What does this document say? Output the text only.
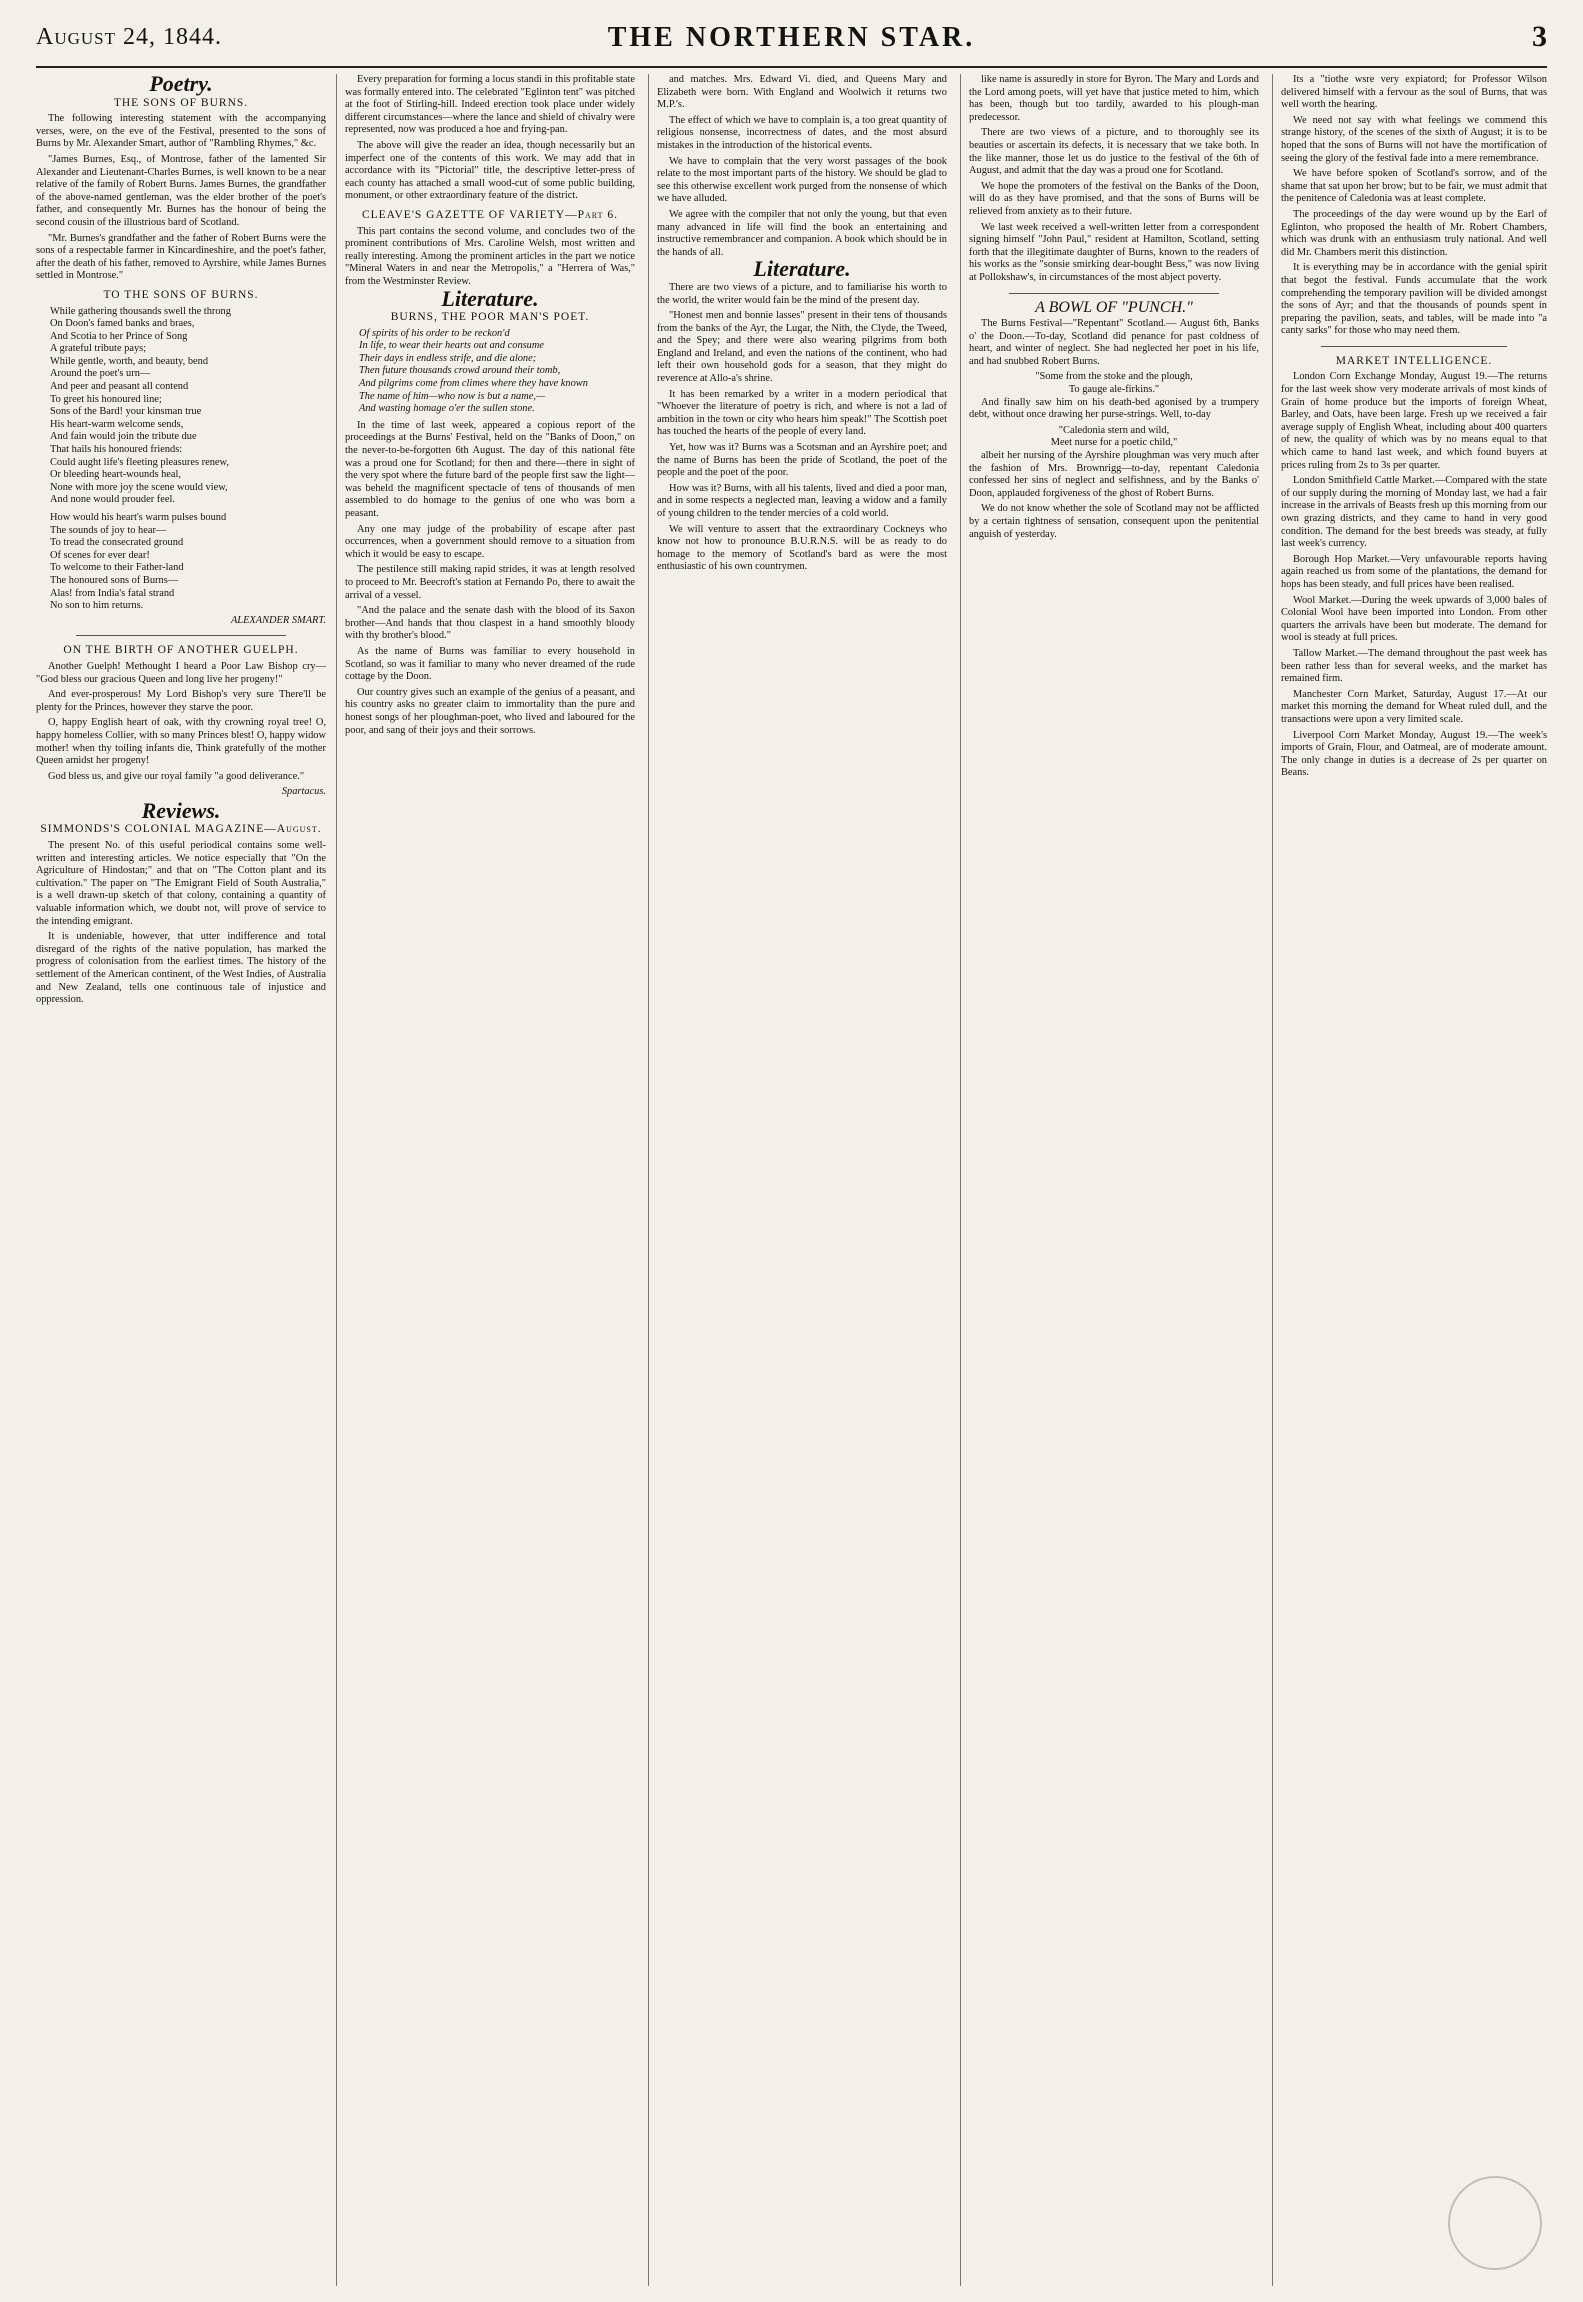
August 24, 1844.	THE NORTHERN STAR.	3
Poetry.
THE SONS OF BURNS.

The following interesting statement with the accompanying verses, were, on the eve of the Festival, presented to the sons of Burns by Mr. Alexander Smart, author of "Rambling Rhymes," &c.

"James Burnes, Esq., of Montrose, father of the lamented Sir Alexander and Lieutenant-Charles Burnes, is well known to be a near relative of the family of Robert Burns. James Burnes, the grandfather of the above-named gentleman, was the elder brother of the poet's father, and consequently Mr. Burnes has the honour of being the second cousin of the illustrious bard of Scotland.

"Mr. Burnes's grandfather and the father of Robert Burns were the sons of a respectable farmer in Kincardineshire, and the poet's father, after the death of his father, removed to Ayrshire, while James Burnes settled in Montrose."

TO THE SONS OF BURNS.

While gathering thousands swell the throng

On Doon's famed banks and braes,

And Scotia to her Prince of Song

A grateful tribute pays;

While gentle, worth, and beauty, bend

Around the poet's urn—

And peer and peasant all contend

To greet his honoured line;

Sons of the Bard! your kinsman true

His heart-warm welcome sends,

And fain would join the tribute due

That hails his honoured friends:

Could aught life's fleeting pleasures renew,

Or bleeding heart-wounds heal,

None with more joy the scene would view,

And none would prouder feel.

How would his heart's warm pulses bound

The sounds of joy to hear—

To tread the consecrated ground

Of scenes for ever dear!

To welcome to their Father-land

The honoured sons of Burns—

Alas! from India's fatal strand

No son to him returns.

ALEXANDER SMART.
ON THE BIRTH OF ANOTHER GUELPH.

Another Guelph! Methought I heard a Poor Law Bishop cry— "God bless our gracious Queen and long live her progeny!"

And ever-prosperous! My Lord Bishop's very sure There'll be plenty for the Princes, however they starve the poor.

O, happy English heart of oak, with thy crowning royal tree! O, happy homeless Collier, with so many Princes blest! O, happy widow mother! when thy toiling infants die, Think gratefully of the mother Queen amidst her progeny!

God bless us, and give our royal family "a good deliverance."

Spartacus.
Reviews.
SIMMONDS'S COLONIAL MAGAZINE—August.

The present No. of this useful periodical contains some well-written and interesting articles. We notice especially that "On the Agriculture of Hindostan;" and that on "The Cotton plant and its cultivation." The paper on "The Emigrant Field of South Australia," is a well drawn-up sketch of that colony, containing a quantity of valuable information which, we doubt not, will prove of service to the intending emigrant.

It is undeniable, however, that utter indifference and total disregard of the rights of the native population, has marked the progress of colonisation from the earliest times. The history of the settlement of the American continent, of the West Indies, of Australia and New Zealand, tells one continuous tale of injustice and oppression.

Every preparation for forming a locus standi in this profitable state was formally entered into. The celebrated "Eglinton tent" was pitched at the foot of Stirling-hill. Indeed erection took place under widely different circumstances—where the lance and shield of chivalry were represented, now was produced a hoe and frying-pan.

The above will give the reader an idea, though necessarily but an imperfect one of the contents of this work. We may add that in accordance with its "Pictorial" title, the descriptive letter-press of each county has attached a small wood-cut of some public building, monument, or other extraordinary feature of the district.

CLEAVE'S GAZETTE OF VARIETY—Part 6.

This part contains the second volume, and concludes two of the prominent contributions of Mrs. Caroline Welsh, most written and really interesting. Among the prominent articles in the part we notice "Mineral Waters in and near the Metropolis," a "Herrera of Was," from the Westminster Review.

Literature.
BURNS, THE POOR MAN'S POET.

Of spirits of his order to be reckon'd

In life, to wear their hearts out and consume

Their days in endless strife, and die alone;

Then future thousands crowd around their tomb,

And pilgrims come from climes where they have known

The name of him—who now is but a name,—

And wasting homage o'er the sullen stone.

In the time of last week, appeared a copious report of the proceedings at the Burns' Festival, held on the "Banks of Doon," on the never-to-be-forgotten 6th August. The day of this national fête was a proud one for Scotland; for then and there—there in sight of the very spot where the future bard of the people first saw the light—was beheld the magnificent spectacle of tens of thousands of men assembled to do homage to the genius of one who was born a peasant.

Any one may judge of the probability of escape after past occurrences, when a government should remove to a situation from which it would be easy to escape.

The pestilence still making rapid strides, it was at length resolved to proceed to Mr. Beecroft's station at Fernando Po, there to await the arrival of a vessel.

"And the palace and the senate dash with the blood of its Saxon brother—And hands that thou claspest in a hand smoothly bloody with thy brother's blood."

As the name of Burns was familiar to every household in Scotland, so was it familiar to many who never dreamed of the rude cottage by the Doon.

Our country gives such an example of the genius of a peasant, and his country asks no greater claim to immortality than the pure and honest songs of her ploughman-poet, who lived and laboured for the poor, and sang of their joys and their sorrows.

and matches. Mrs. Edward Vi. died, and Queens Mary and Elizabeth were born. With England and Woolwich it returns two M.P.'s.

The effect of which we have to complain is, a too great quantity of religious nonsense, incorrectness of dates, and the most absurd mistakes in the introduction of the historical events.

We have to complain that the very worst passages of the book relate to the most important parts of the history. We should be glad to see this otherwise excellent work purged from the nonsense of which we have alluded.

We agree with the compiler that not only the young, but that even many advanced in life will find the book an entertaining and instructive remembrancer and companion. A book which should be in the hands of all.

Literature.

There are two views of a picture, and to familiarise his worth to the world, the writer would fain be the mind of the present day.

"Honest men and bonnie lasses" present in their tens of thousands from the banks of the Ayr, the Lugar, the Nith, the Clyde, the Tweed, and the Spey; and there were also wearing pilgrims from both England and Ireland, and even the nations of the continent, who had left their own household gods for a season, that they might do reverence at Allo-a's shrine.

It has been remarked by a writer in a modern periodical that "Whoever the literature of poetry is rich, and where is not a lad of ambition in the town or city who hears him speak!" The Scottish poet has touched the hearts of the people of every land.

Yet, how was it? Burns was a Scotsman and an Ayrshire poet; and the name of Burns has been the pride of Scotland, the poet of the people and the poet of the poor.

How was it? Burns, with all his talents, lived and died a poor man, and in some respects a neglected man, leaving a widow and a family of young children to the tender mercies of a cold world.

We will venture to assert that the extraordinary Cockneys who know not how to pronounce B.U.R.N.S. will be as ready to do homage to the memory of Scotland's bard as were the most enthusiastic of his own countrymen.

like name is assuredly in store for Byron. The Mary and Lords and the Lord among poets, will yet have that justice meted to him, which has been, though but too tardily, awarded to his plough-man predecessor.

There are two views of a picture, and to thoroughly see its beauties or ascertain its defects, it is necessary that we take both. In the like manner, those let us do justice to the festival of the 6th of August, and admit that the day was a proud one for Scotland.

We hope the promoters of the festival on the Banks of the Doon, will do as they have promised, and that the sons of Burns will be relieved from anxiety as to their future.

We last week received a well-written letter from a correspondent signing himself "John Paul," resident at Hamilton, Scotland, setting forth that the illegitimate daughter of Burns, known to the readers of his works as the "sonsie smirking dear-bought Bess," was now living at Pollokshaw's, in circumstances of the most abject poverty.

A BOWL OF "PUNCH."

The Burns Festival—"Repentant" Scotland.— August 6th, Banks o' the Doon.—To-day, Scotland did penance for past coldness of heart, and winter of neglect. She had neglected her poet in his life, and had snubbed Robert Burns.

"Some from the stoke and the plough,

To gauge ale-firkins."

And finally saw him on his death-bed agonised by a trumpery debt, without once drawing her purse-strings. Well, to-day

"Caledonia stern and wild,

Meet nurse for a poetic child,"

albeit her nursing of the Ayrshire ploughman was very much after the fashion of Mrs. Brownrigg—to-day, repentant Caledonia confessed her sins of neglect and selfishness, and by the Banks o' Doon, applauded forgiveness of the ghost of Robert Burns.

We do not know whether the sole of Scotland may not be afflicted by a certain tightness of sensation, consequent upon the penitential anguish of yesterday.

Its a "tiothe wsre very expiatord; for Professor Wilson delivered himself with a fervour as the soul of Burns, that was well worth the hearing.

We need not say with what feelings we commend this strange history, of the scenes of the sixth of August; it is to be hoped that the sons of Burns will not have the mortification of seeing the glory of the festival fade into a mere remembrance.

We have before spoken of Scotland's sorrow, and of the shame that sat upon her brow; but to be fair, we must admit that the penitence of Caledonia was at least complete.

The proceedings of the day were wound up by the Earl of Eglinton, who proposed the health of Mr. Robert Chambers, which was drunk with an enthusiasm truly national. And well did Mr. Chambers merit this distinction.

It is everything may be in accordance with the genial spirit that begot the festival. Funds accumulate that the work comprehending the temporary pavilion will be divided amongst the sons of Ayr; and that the thousands of pounds spent in preparing the pavilion, seats, and tables, will be made into "a canty sarks" for those who may need them.

MARKET INTELLIGENCE.

London Corn Exchange Monday, August 19.—The returns for the last week show very moderate arrivals of most kinds of Grain of home produce but the imports of foreign Wheat, Barley, and Oats, have been large. Fresh up we received a fair average supply of English Wheat, including about 400 quarters of new, the quality of which was by no means equal to that which came to hand last week, and which found buyers at prices ruling from 2s to 3s per quarter.

London Smithfield Cattle Market.—Compared with the state of our supply during the morning of Monday last, we had a fair increase in the arrivals of Beasts fresh up this morning from our own grazing districts, and they came to hand in very good condition. The demand for the best breeds was steady, at fully last week's currency.

Borough Hop Market.—Very unfavourable reports having again reached us from some of the plantations, the demand for hops has been steady, and full prices have been realised.

Wool Market.—During the week upwards of 3,000 bales of Colonial Wool have been imported into London. From other quarters the arrivals have been but moderate. The demand for wool is steady at full prices.

Tallow Market.—The demand throughout the past week has been rather less than for several weeks, and the market has remained firm.

Manchester Corn Market, Saturday, August 17.—At our market this morning the demand for Wheat ruled dull, and the transactions were upon a very limited scale.

Liverpool Corn Market Monday, August 19.—The week's imports of Grain, Flour, and Oatmeal, are of moderate amount. The only change in duties is a decrease of 2s per quarter on Beans.
